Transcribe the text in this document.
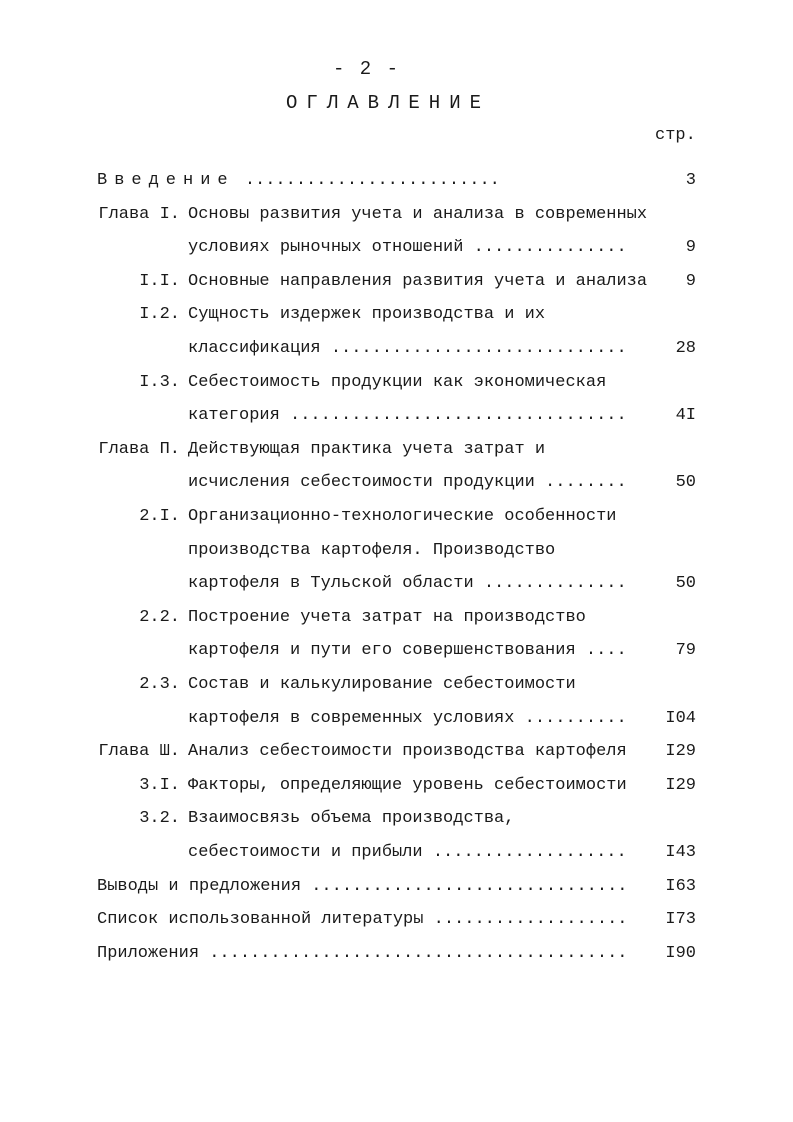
- 2 -
ОГЛАВЛЕНИЕ
стр.
Введение .........................	3
Глава I. Основы развития учета и анализа в современных
условиях рыночных отношений ...............	9
I.I. Основные направления развития учета и анализа	9
I.2. Сущность издержек производства и их
классификация .............................	28
I.3. Себестоимость продукции как экономическая
категория .................................	4I
Глава П. Действующая практика учета затрат и
исчисления себестоимости продукции ........	50
2.I. Организационно-технологические особенности
производства картофеля. Производство
картофеля в Тульской области ..............	50
2.2. Построение учета затрат на производство
картофеля и пути его совершенствования ....	79
2.3. Состав и калькулирование себестоимости
картофеля в современных условиях ..........	I04
Глава Ш. Анализ себестоимости производства картофеля	I29
3.I. Факторы, определяющие уровень себестоимости	I29
3.2. Взаимосвязь объема производства,
себестоимости и прибыли ...................	I43
Выводы и предложения ...............................	I63
Список использованной литературы ...................	I73
Приложения .........................................	I90
